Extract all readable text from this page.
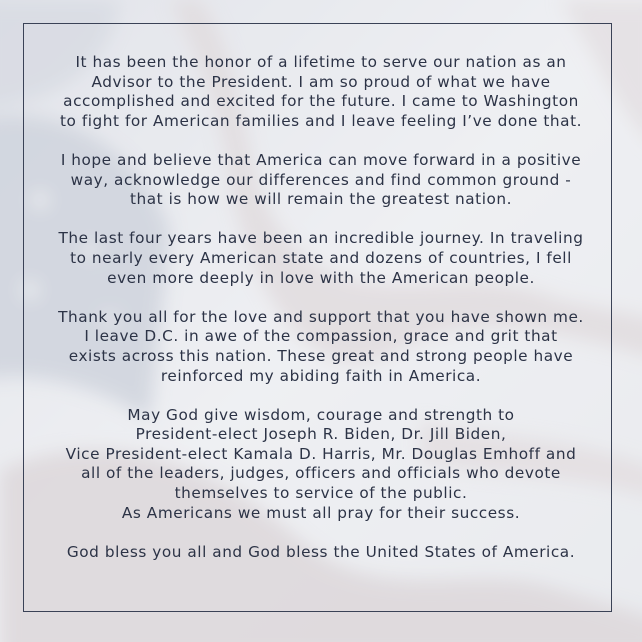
It has been the honor of a lifetime to serve our nation as an
Advisor to the President. I am so proud of what we have
accomplished and excited for the future. I came to Washington
to fight for American families and I leave feeling I’ve done that.

I hope and believe that America can move forward in a positive
way, acknowledge our differences and find common ground -
that is how we will remain the greatest nation.

The last four years have been an incredible journey. In traveling
to nearly every American state and dozens of countries, I fell
even more deeply in love with the American people.

Thank you all for the love and support that you have shown me.
I leave D.C. in awe of the compassion, grace and grit that
exists across this nation. These great and strong people have
reinforced my abiding faith in America.

May God give wisdom, courage and strength to
President-elect Joseph R. Biden, Dr. Jill Biden,
Vice President-elect Kamala D. Harris, Mr. Douglas Emhoff and
all of the leaders, judges, officers and officials who devote
themselves to service of the public.
As Americans we must all pray for their success.

God bless you all and God bless the United States of America.
